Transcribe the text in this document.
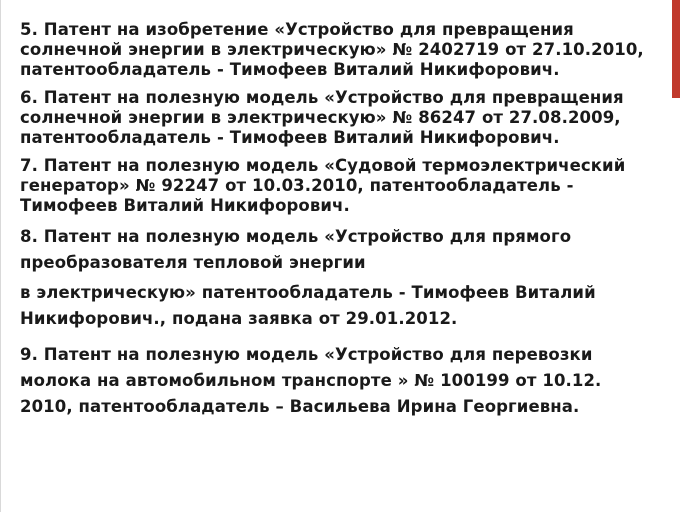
5. Патент на изобретение «Устройство для превращения
солнечной энергии в электрическую» № 2402719 от 27.10.2010,
патентообладатель - Тимофеев Виталий Никифорович.

6. Патент на полезную модель «Устройство для превращения
солнечной энергии в электрическую» № 86247 от 27.08.2009,
патентообладатель - Тимофеев Виталий Никифорович.

7. Патент на полезную модель «Судовой термоэлектрический
генератор» № 92247 от 10.03.2010, патентообладатель -
Тимофеев Виталий Никифорович.

8. Патент на полезную модель «Устройство для прямого
преобразователя тепловой энергии

в электрическую» патентообладатель - Тимофеев Виталий
Никифорович., подана заявка от 29.01.2012.

9. Патент на полезную модель «Устройство для перевозки
молока на автомобильном транспорте » № 100199 от 10.12.
2010, патентообладатель – Васильева Ирина Георгиевна.
